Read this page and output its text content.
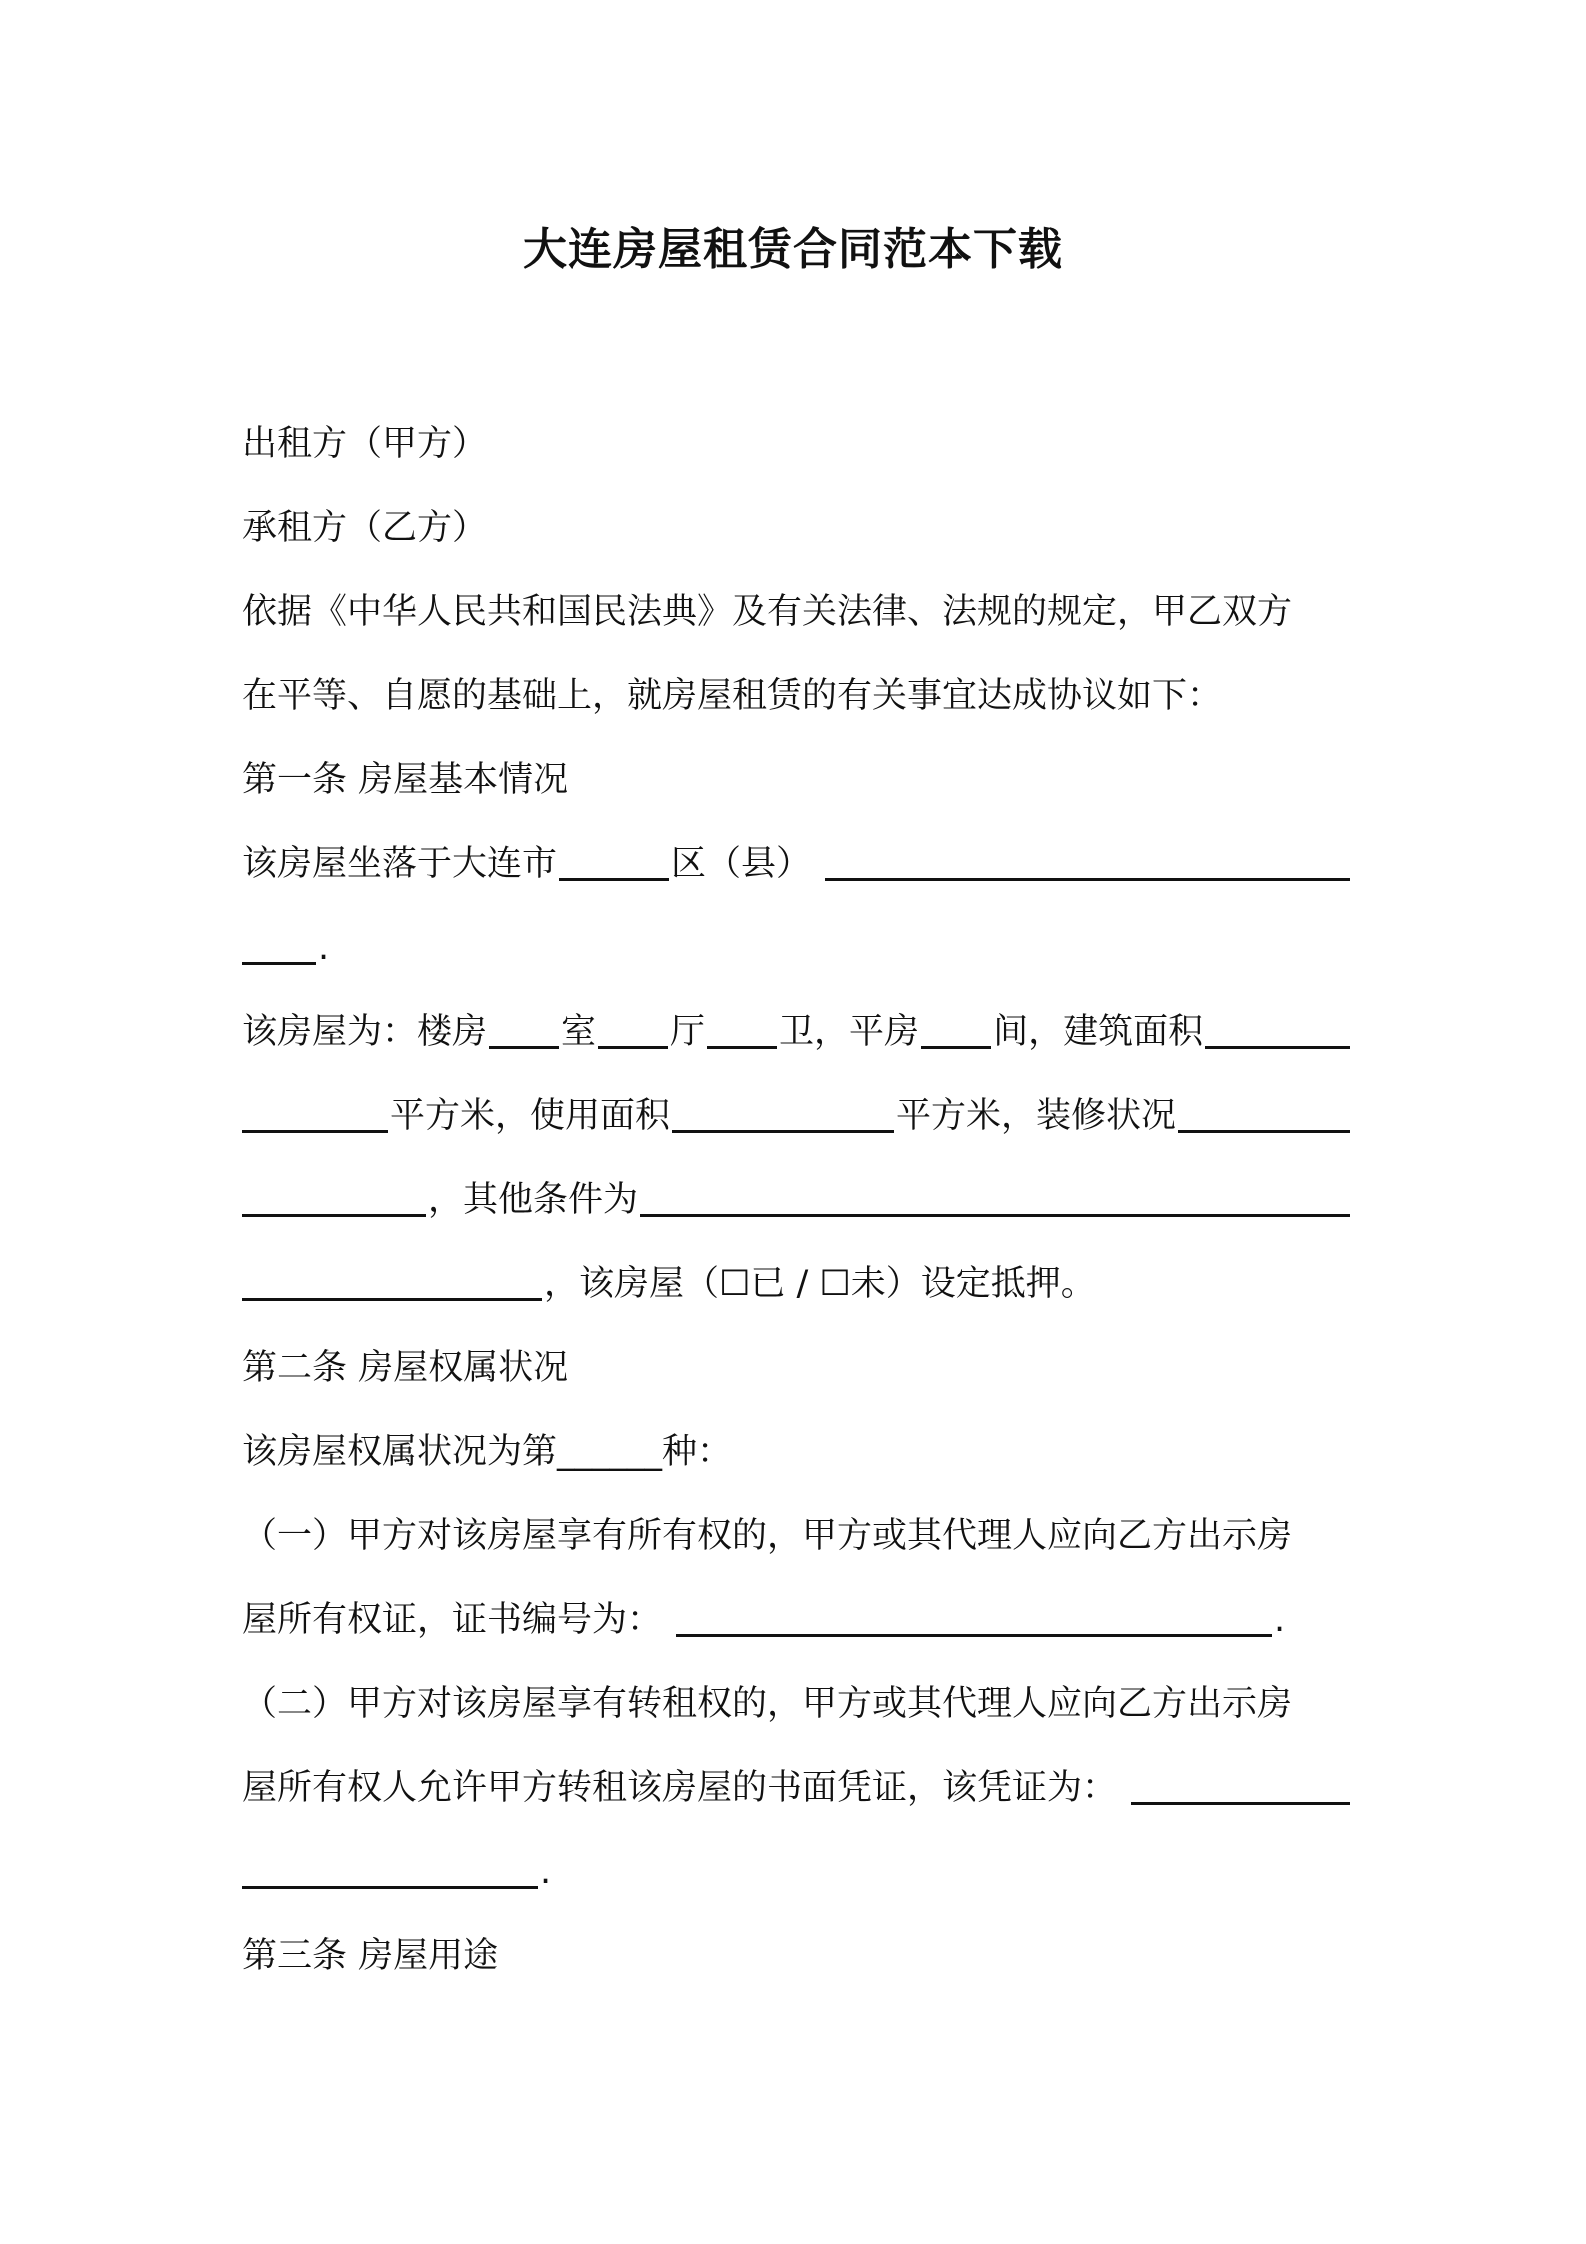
大连房屋租赁合同范本下载
出租方（甲方）
承租方（乙方）
依据《中华人民共和国民法典》及有关法律、法规的规定，甲乙双方
在平等、自愿的基础上，就房屋租赁的有关事宜达成协议如下：
第一条 房屋基本情况
该房屋坐落于大连市	区（县）
.
该房屋为：楼房 室 厅 卫，平房 间，建筑面积
平方米，使用面积	平方米，装修状况
，其他条件为
，该房屋（☐已 / ☐未）设定抵押。
第二条 房屋权属状况
该房屋权属状况为第______种：
（一）甲方对该房屋享有所有权的，甲方或其代理人应向乙方出示房
屋所有权证，证书编号为：	.
（二）甲方对该房屋享有转租权的，甲方或其代理人应向乙方出示房
屋所有权人允许甲方转租该房屋的书面凭证，该凭证为：
.
第三条 房屋用途
